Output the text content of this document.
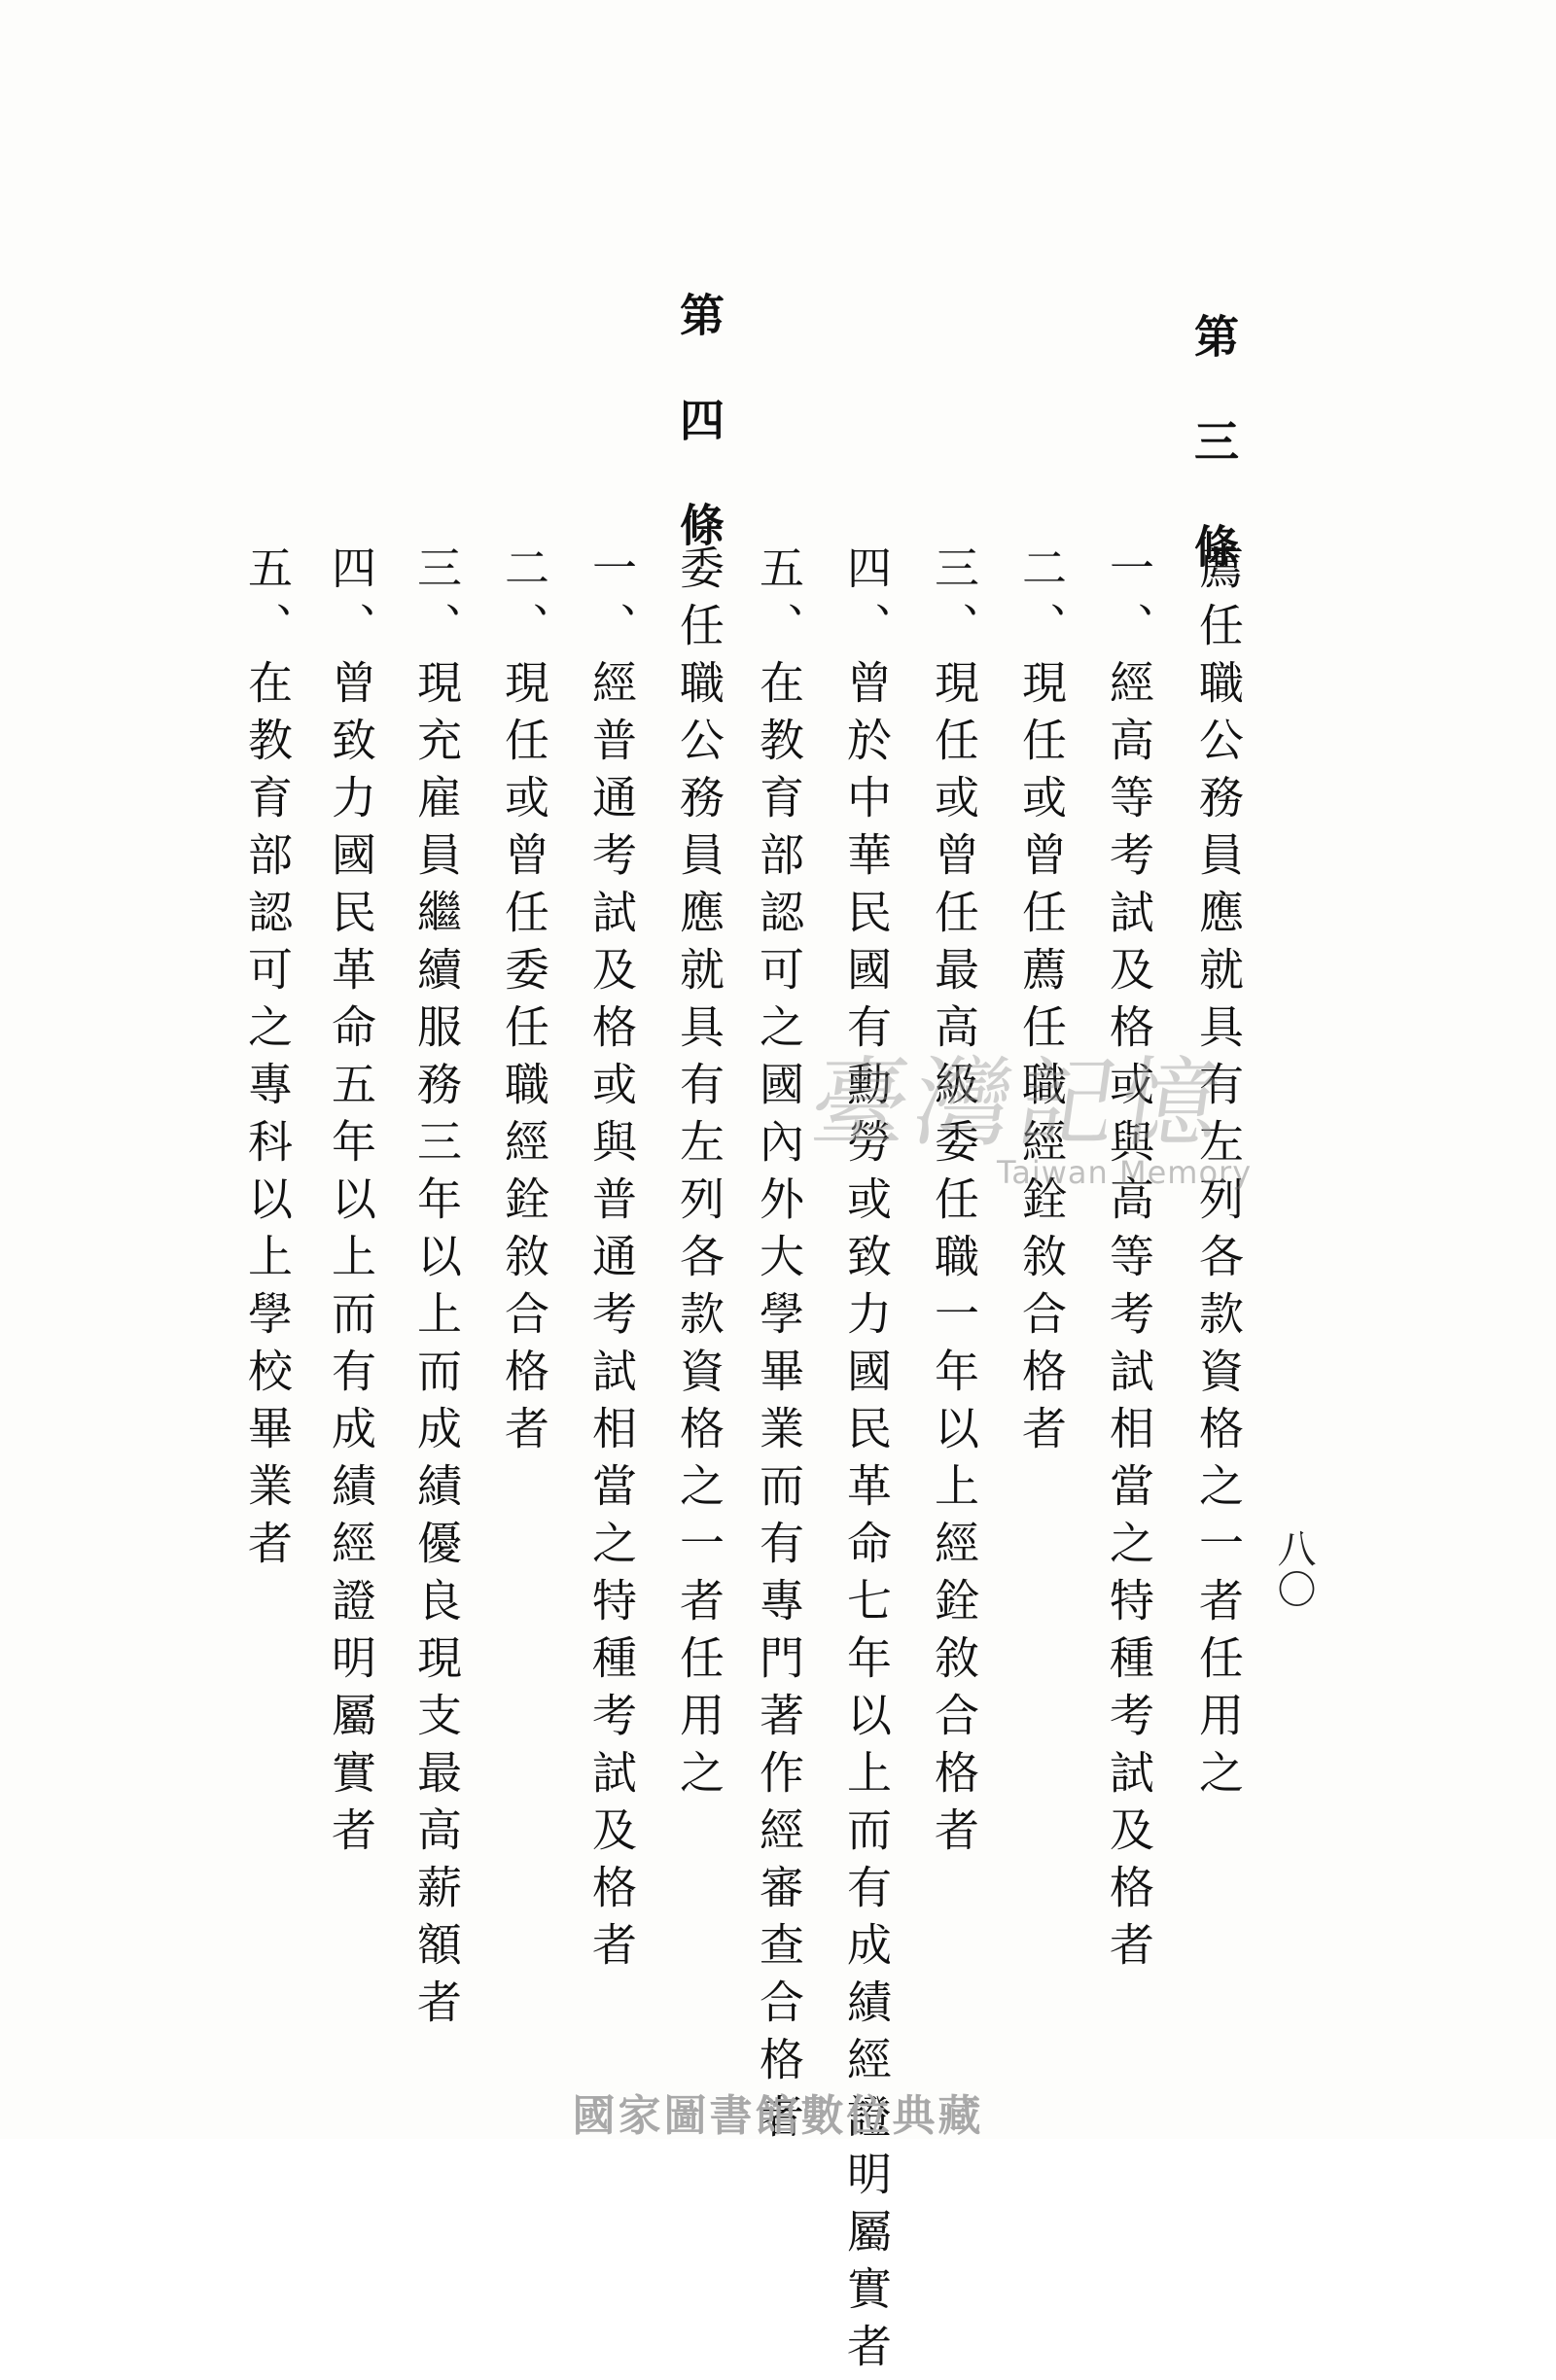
八〇
第三條
薦任職公務員應就具有左列各款資格之一者任用之
一、經高等考試及格或與高等考試相當之特種考試及格者
二、現任或曾任薦任職經銓敘合格者
三、現任或曾任最高級委任職一年以上經銓敘合格者
四、曾於中華民國有勳勞或致力國民革命七年以上而有成績經證明屬實者
五、在教育部認可之國內外大學畢業而有專門著作經審查合格者
第四條
委任職公務員應就具有左列各款資格之一者任用之
一、經普通考試及格或與普通考試相當之特種考試及格者
二、現任或曾任委任職經銓敘合格者
三、現充雇員繼續服務三年以上而成績優良現支最高薪額者
四、曾致力國民革命五年以上而有成績經證明屬實者
五、在教育部認可之專科以上學校畢業者	臺灣記憶
Taiwan Memory
國家圖書館數位典藏
